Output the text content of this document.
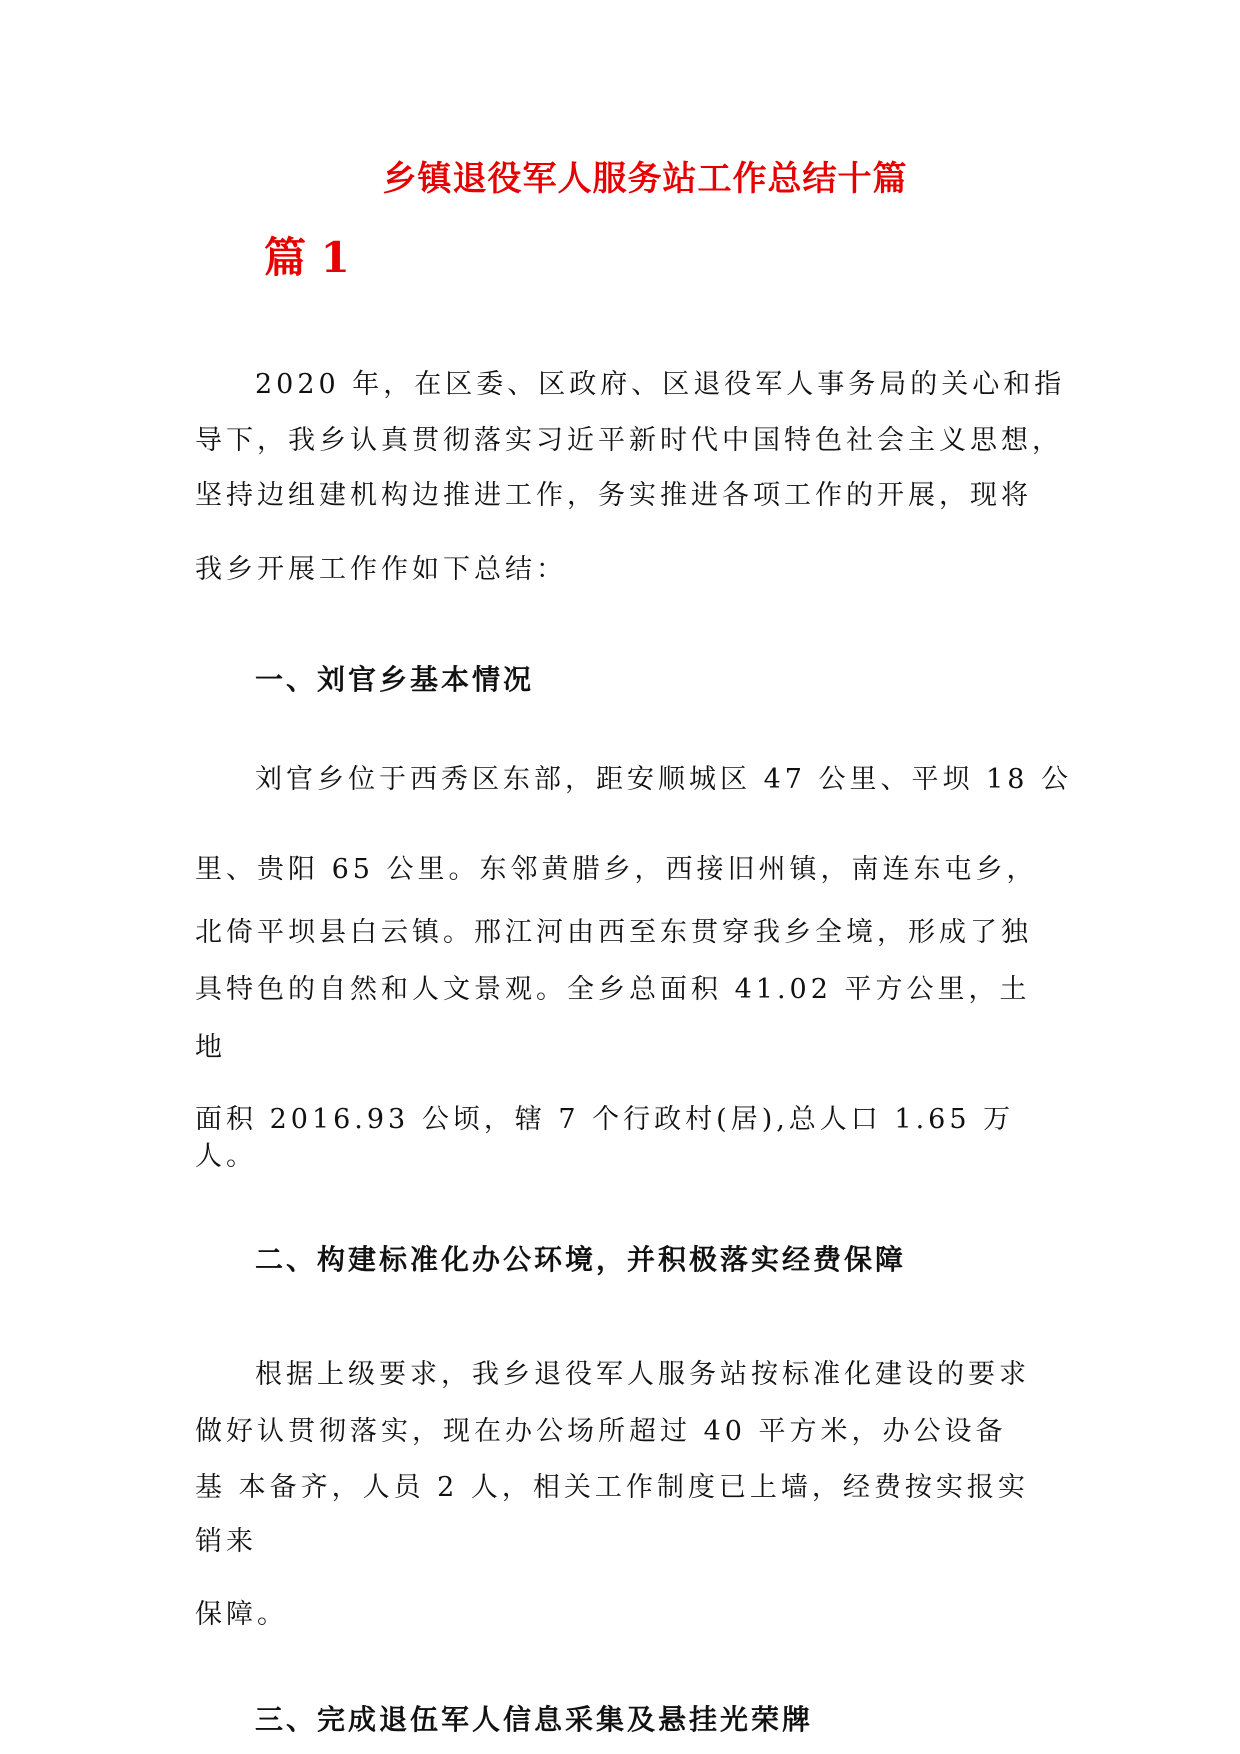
乡镇退役军人服务站工作总结十篇
篇 1
2020 年，在区委、区政府、区退役军人事务局的关心和指
导下，我乡认真贯彻落实习近平新时代中国特色社会主义思想，
坚持边组建机构边推进工作，务实推进各项工作的开展，现将
我乡开展工作作如下总结：
一、刘官乡基本情况
刘官乡位于西秀区东部，距安顺城区 47 公里、平坝 18 公
里、贵阳 65 公里。东邻黄腊乡，西接旧州镇，南连东屯乡，
北倚平坝县白云镇。邢江河由西至东贯穿我乡全境，形成了独
具特色的自然和人文景观。全乡总面积 41.02 平方公里，土
地
面积 2016.93 公顷，辖 7 个行政村(居),总人口 1.65 万
人。
二、构建标准化办公环境，并积极落实经费保障
根据上级要求，我乡退役军人服务站按标准化建设的要求
做好认贯彻落实，现在办公场所超过 40 平方米，办公设备
基 本备齐，人员 2 人，相关工作制度已上墙，经费按实报实
销来
保障。
三、完成退伍军人信息采集及悬挂光荣牌
